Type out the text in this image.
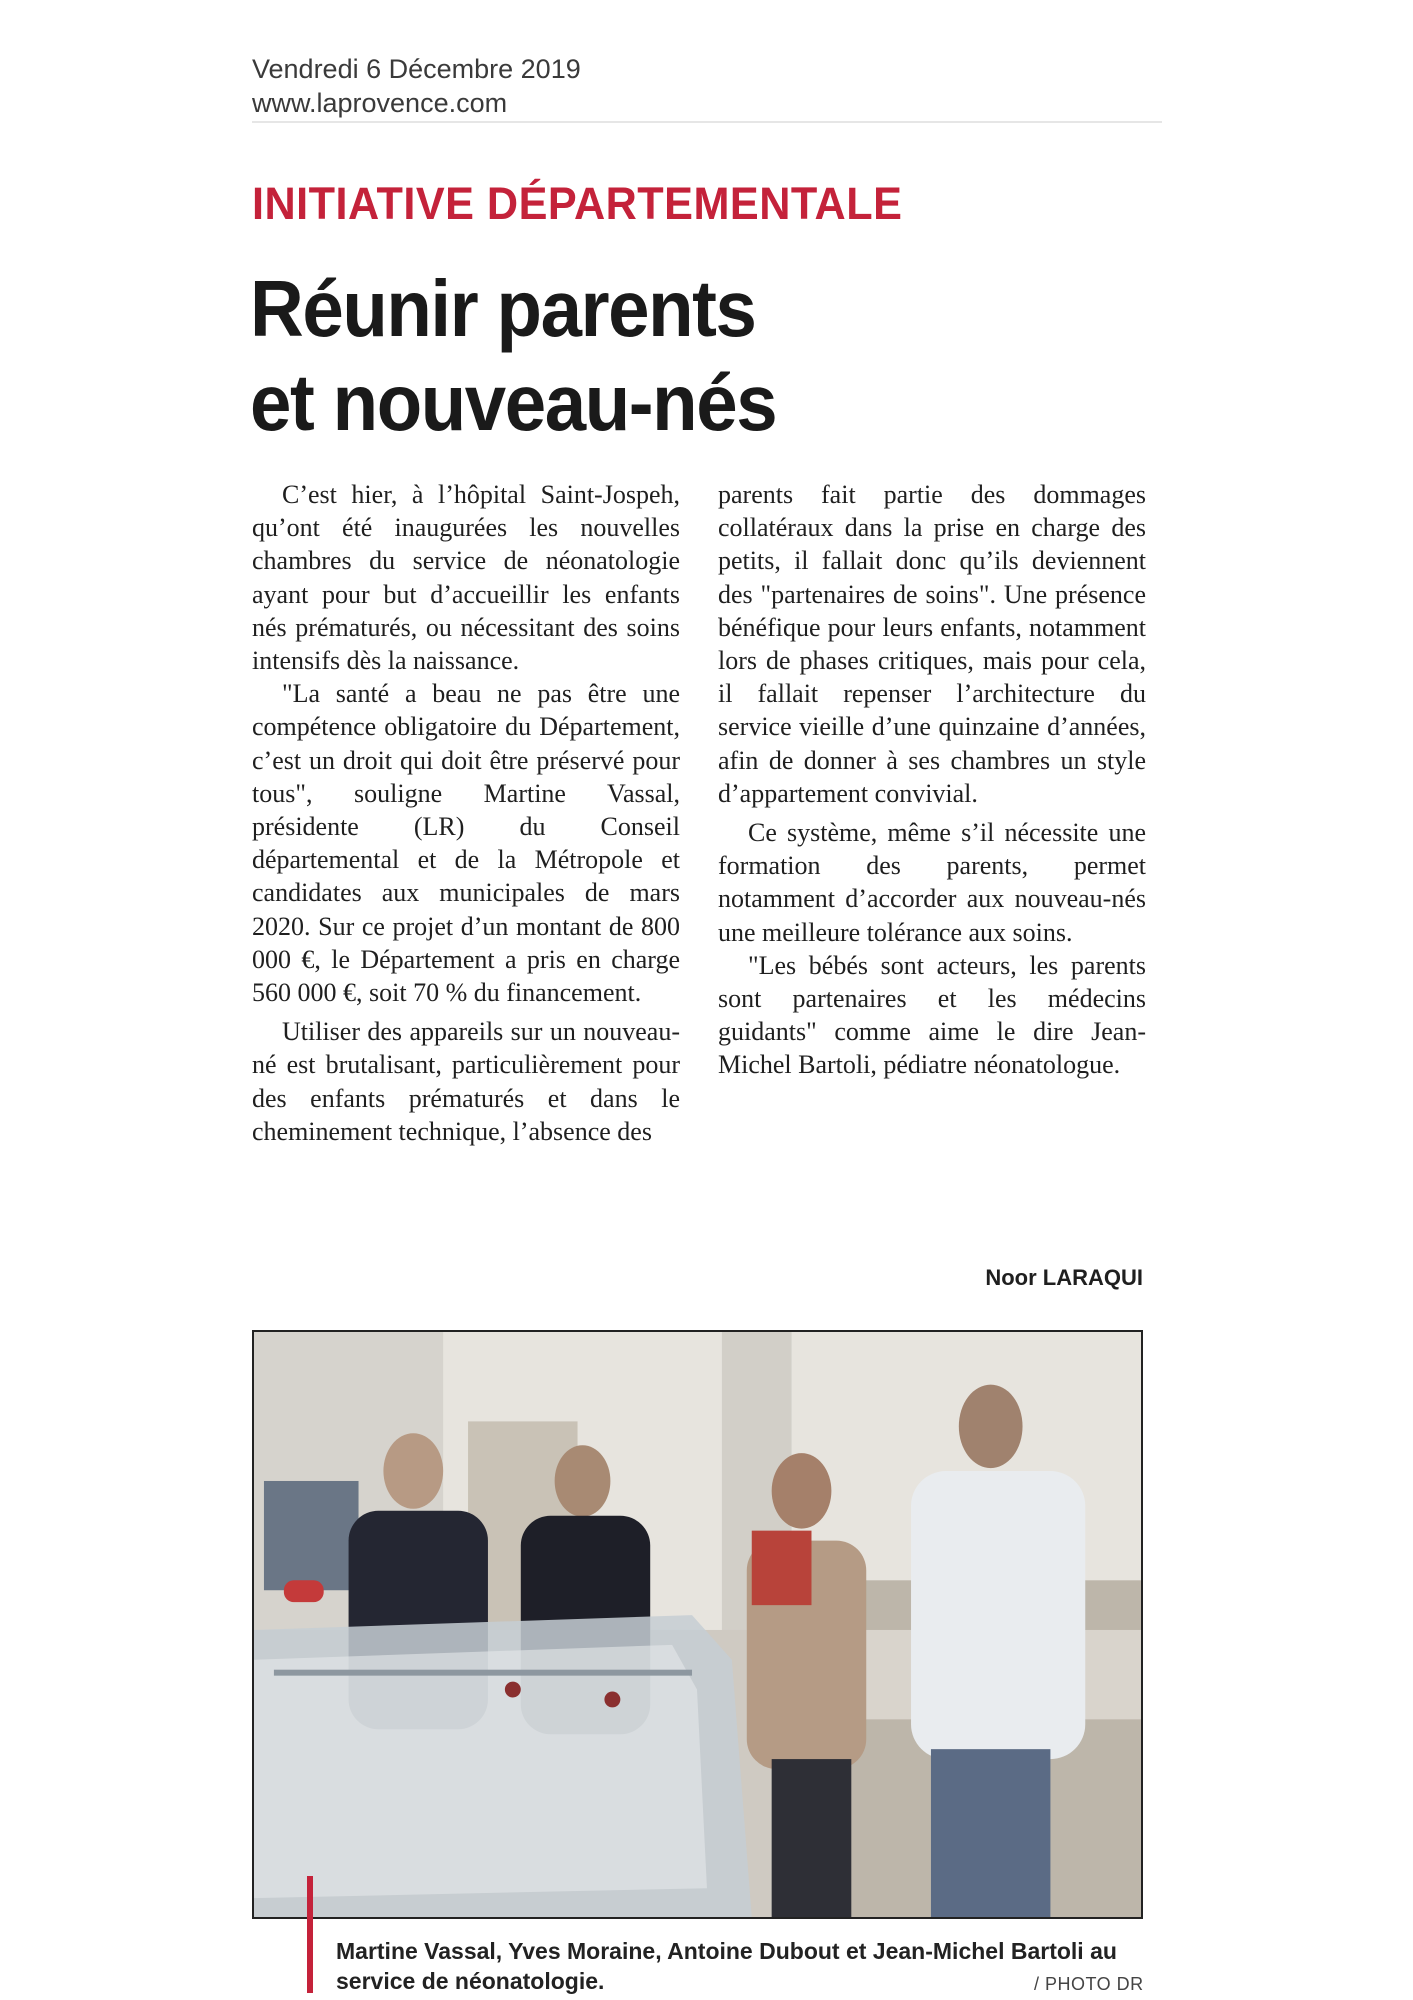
Vendredi 6 Décembre 2019
www.laprovence.com
INITIATIVE DÉPARTEMENTALE
Réunir parents
et nouveau-nés

C’est hier, à l’hôpital Saint-Jospeh, qu’ont été inaugurées les nouvelles chambres du service de néonatologie ayant pour but d’accueillir les enfants nés prématurés, ou nécessitant des soins intensifs dès la naissance.

"La santé a beau ne pas être une compétence obligatoire du Département, c’est un droit qui doit être préservé pour tous", souligne Martine Vassal, présidente (LR) du Conseil départemental et de la Métropole et candidates aux municipales de mars 2020. Sur ce projet d’un montant de 800 000 €, le Département a pris en charge 560 000 €, soit 70 % du financement.

Utiliser des appareils sur un nouveau-né est brutalisant, particulièrement pour des enfants prématurés et dans le cheminement technique, l’absence des

parents fait partie des dommages collatéraux dans la prise en charge des petits, il fallait donc qu’ils deviennent des "partenaires de soins". Une présence bénéfique pour leurs enfants, notamment lors de phases critiques, mais pour cela, il fallait repenser l’architecture du service vieille d’une quinzaine d’années, afin de donner à ses chambres un style d’appartement convivial.

Ce système, même s’il nécessite une formation des parents, permet notamment d’accorder aux nouveau-nés une meilleure tolérance aux soins.

"Les bébés sont acteurs, les parents sont partenaires et les médecins guidants" comme aime le dire Jean-Michel Bartoli, pédiatre néonatologue.

Noor LARAQUI
Martine Vassal, Yves Moraine, Antoine Dubout et Jean-Michel Bartoli au service de néonatologie.	/ PHOTO DR
